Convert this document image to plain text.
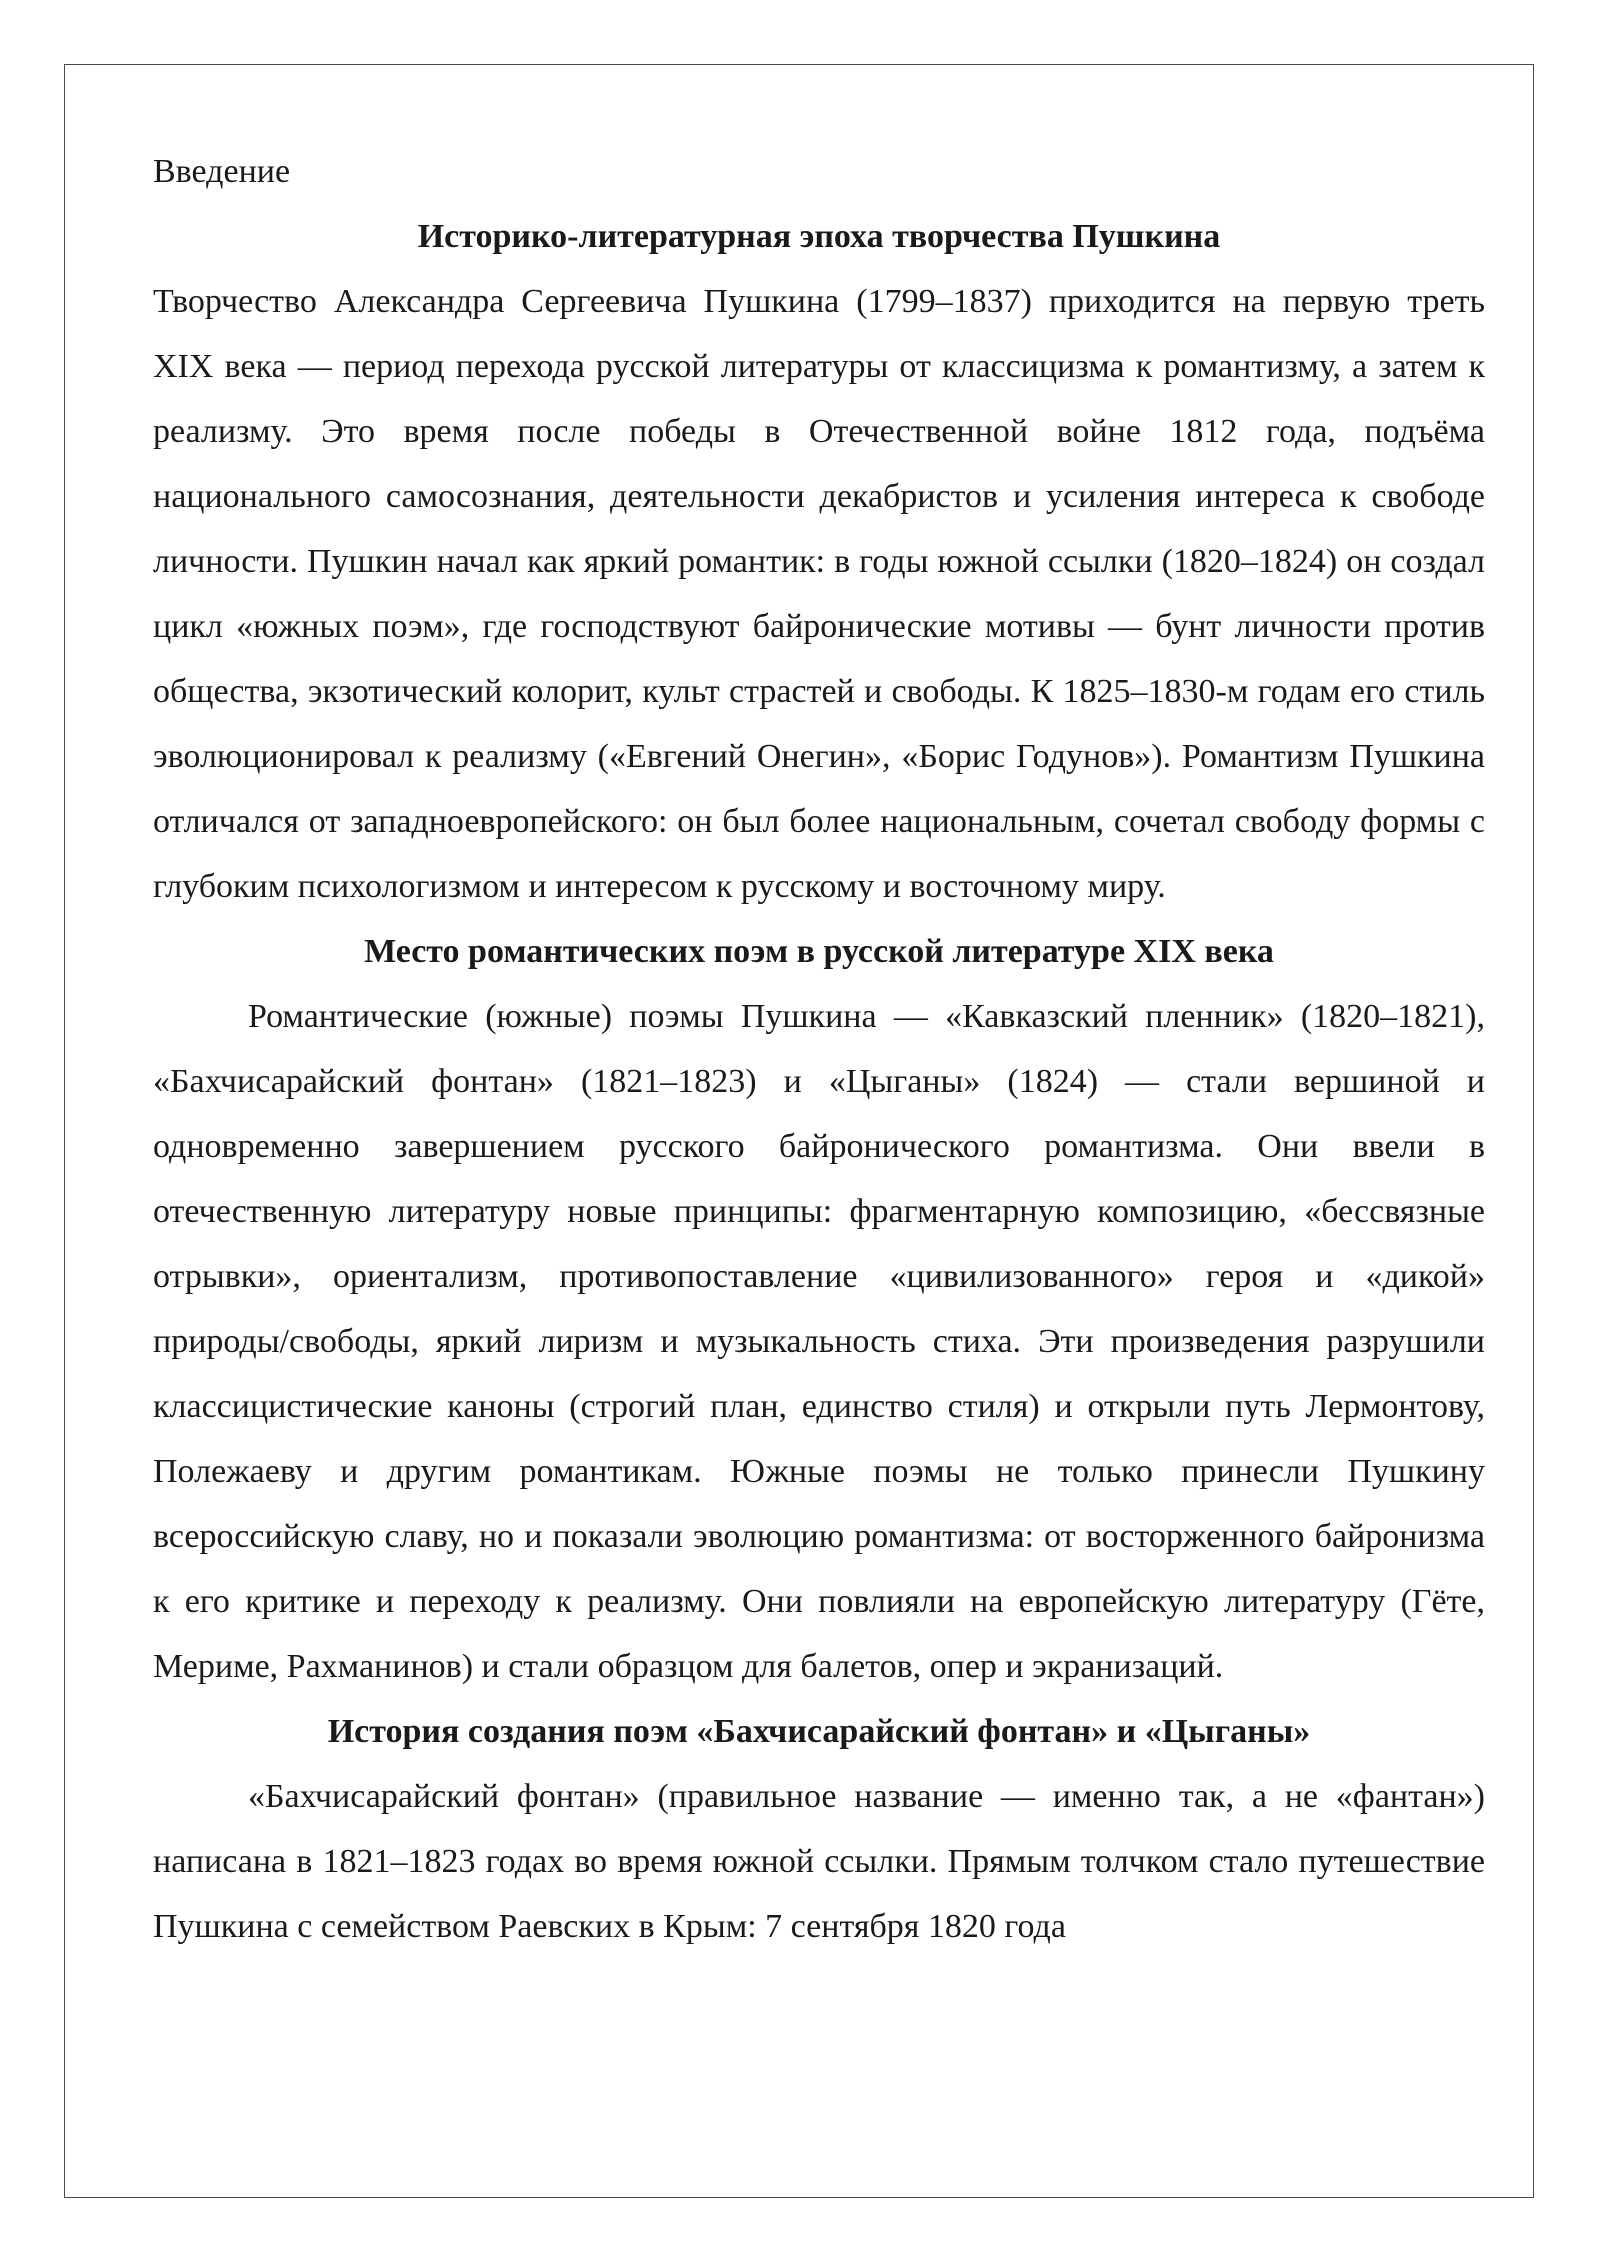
Введение

Историко-литературная эпоха творчества Пушкина

Творчество Александра Сергеевича Пушкина (1799–1837) приходится на первую треть XIX века — период перехода русской литературы от классицизма к романтизму, а затем к реализму. Это время после победы в Отечественной войне 1812 года, подъёма национального самосознания, деятельности декабристов и усиления интереса к свободе личности. Пушкин начал как яркий романтик: в годы южной ссылки (1820–1824) он создал цикл «южных поэм», где господствуют байронические мотивы — бунт личности против общества, экзотический колорит, культ страстей и свободы. К 1825–1830-м годам его стиль эволюционировал к реализму («Евгений Онегин», «Борис Годунов»). Романтизм Пушкина отличался от западноевропейского: он был более национальным, сочетал свободу формы с глубоким психологизмом и интересом к русскому и восточному миру.

Место романтических поэм в русской литературе XIX века

Романтические (южные) поэмы Пушкина — «Кавказский пленник» (1820–1821), «Бахчисарайский фонтан» (1821–1823) и «Цыганы» (1824) — стали вершиной и одновременно завершением русского байронического романтизма. Они ввели в отечественную литературу новые принципы: фрагментарную композицию, «бессвязные отрывки», ориентализм, противопоставление «цивилизованного» героя и «дикой» природы/свободы, яркий лиризм и музыкальность стиха. Эти произведения разрушили классицистические каноны (строгий план, единство стиля) и открыли путь Лермонтову, Полежаеву и другим романтикам. Южные поэмы не только принесли Пушкину всероссийскую славу, но и показали эволюцию романтизма: от восторженного байронизма к его критике и переходу к реализму. Они повлияли на европейскую литературу (Гёте, Мериме, Рахманинов) и стали образцом для балетов, опер и экранизаций.

История создания поэм «Бахчисарайский фонтан» и «Цыганы»

«Бахчисарайский фонтан» (правильное название — именно так, а не «фантан») написана в 1821–1823 годах во время южной ссылки. Прямым толчком стало путешествие Пушкина с семейством Раевских в Крым: 7 сентября 1820 года
